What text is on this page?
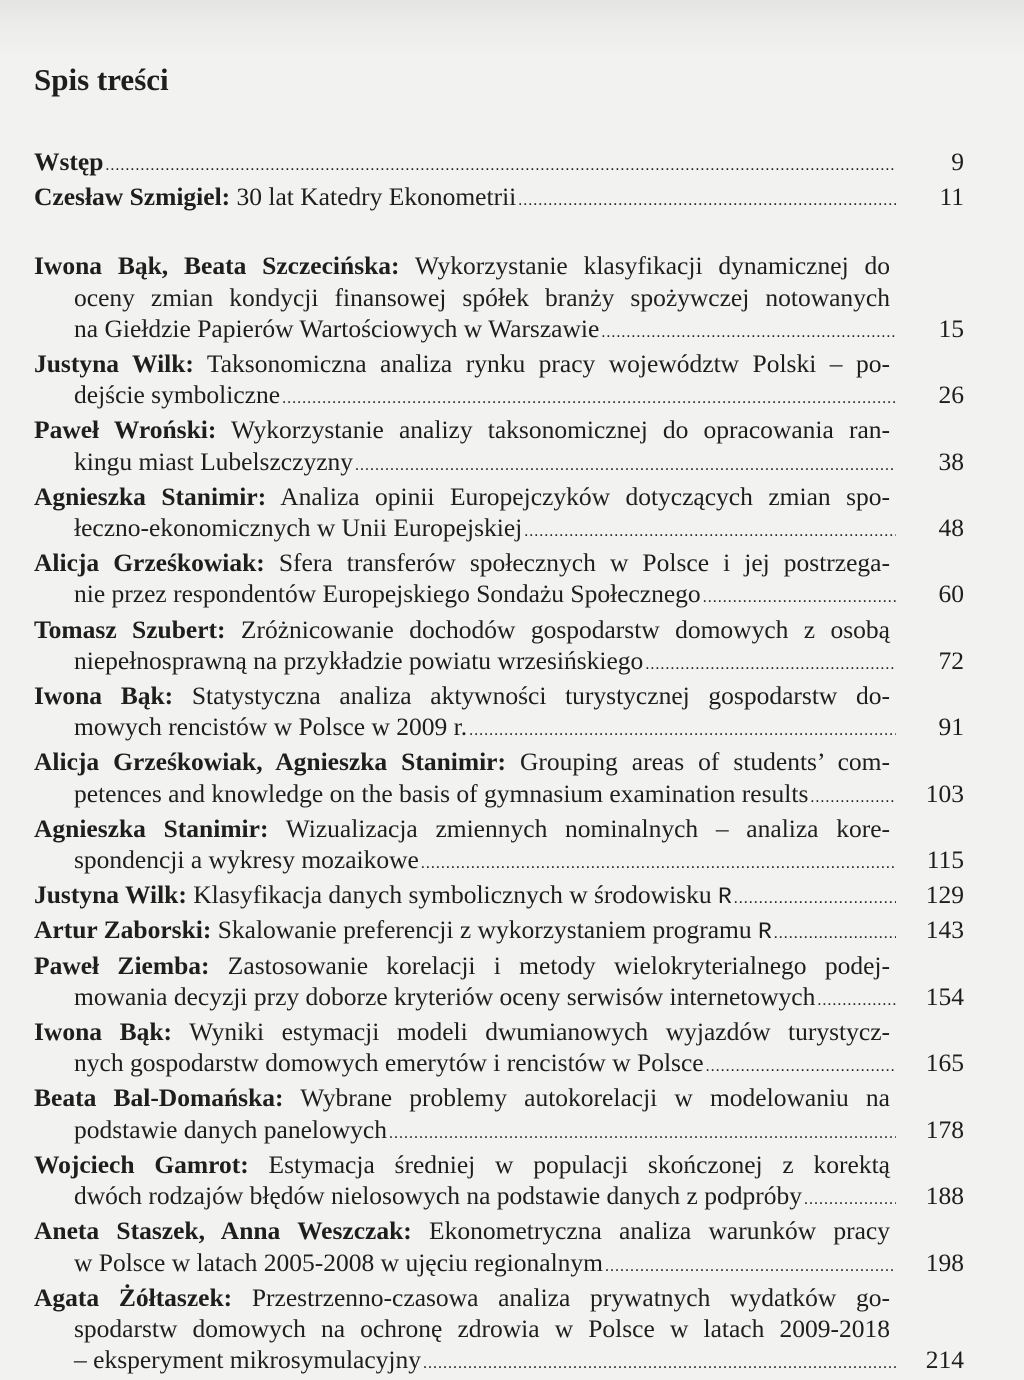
Spis treści
Wstęp .....	9
Czesław Szmigiel: 30 lat Katedry Ekonometrii .....	11
Iwona Bąk, Beata Szczecińska: Wykorzystanie klasyfikacji dynamicznej do
oceny zmian kondycji finansowej spółek branży spożywczej notowanych
na Giełdzie Papierów Wartościowych w Warszawie .....	15
Justyna Wilk: Taksonomiczna analiza rynku pracy województw Polski – po-
dejście symboliczne .....	26
Paweł Wroński: Wykorzystanie analizy taksonomicznej do opracowania ran-
kingu miast Lubelszczyzny .....	38
Agnieszka Stanimir: Analiza opinii Europejczyków dotyczących zmian spo-
łeczno-ekonomicznych w Unii Europejskiej .....	48
Alicja Grześkowiak: Sfera transferów społecznych w Polsce i jej postrzega-
nie przez respondentów Europejskiego Sondażu Społecznego .....	60
Tomasz Szubert: Zróżnicowanie dochodów gospodarstw domowych z osobą
niepełnosprawną na przykładzie powiatu wrzesińskiego .....	72
Iwona Bąk: Statystyczna analiza aktywności turystycznej gospodarstw do-
mowych rencistów w Polsce w 2009 r. .....	91
Alicja Grześkowiak, Agnieszka Stanimir: Grouping areas of students’ com-
petences and knowledge on the basis of gymnasium examination results .....	103
Agnieszka Stanimir: Wizualizacja zmiennych nominalnych – analiza kore-
spondencji a wykresy mozaikowe .....	115
Justyna Wilk: Klasyfikacja danych symbolicznych w środowisku R .....	129
Artur Zaborski: Skalowanie preferencji z wykorzystaniem programu R .....	143
Paweł Ziemba: Zastosowanie korelacji i metody wielokryterialnego podej-
mowania decyzji przy doborze kryteriów oceny serwisów internetowych .....	154
Iwona Bąk: Wyniki estymacji modeli dwumianowych wyjazdów turystycz-
nych gospodarstw domowych emerytów i rencistów w Polsce .....	165
Beata Bal-Domańska: Wybrane problemy autokorelacji w modelowaniu na
podstawie danych panelowych .....	178
Wojciech Gamrot: Estymacja średniej w populacji skończonej z korektą
dwóch rodzajów błędów nielosowych na podstawie danych z podpróby .....	188
Aneta Staszek, Anna Weszczak: Ekonometryczna analiza warunków pracy
w Polsce w latach 2005-2008 w ujęciu regionalnym .....	198
Agata Żółtaszek: Przestrzenno-czasowa analiza prywatnych wydatków go-
spodarstw domowych na ochronę zdrowia w Polsce w latach 2009-2018
– eksperyment mikrosymulacyjny .....	214
